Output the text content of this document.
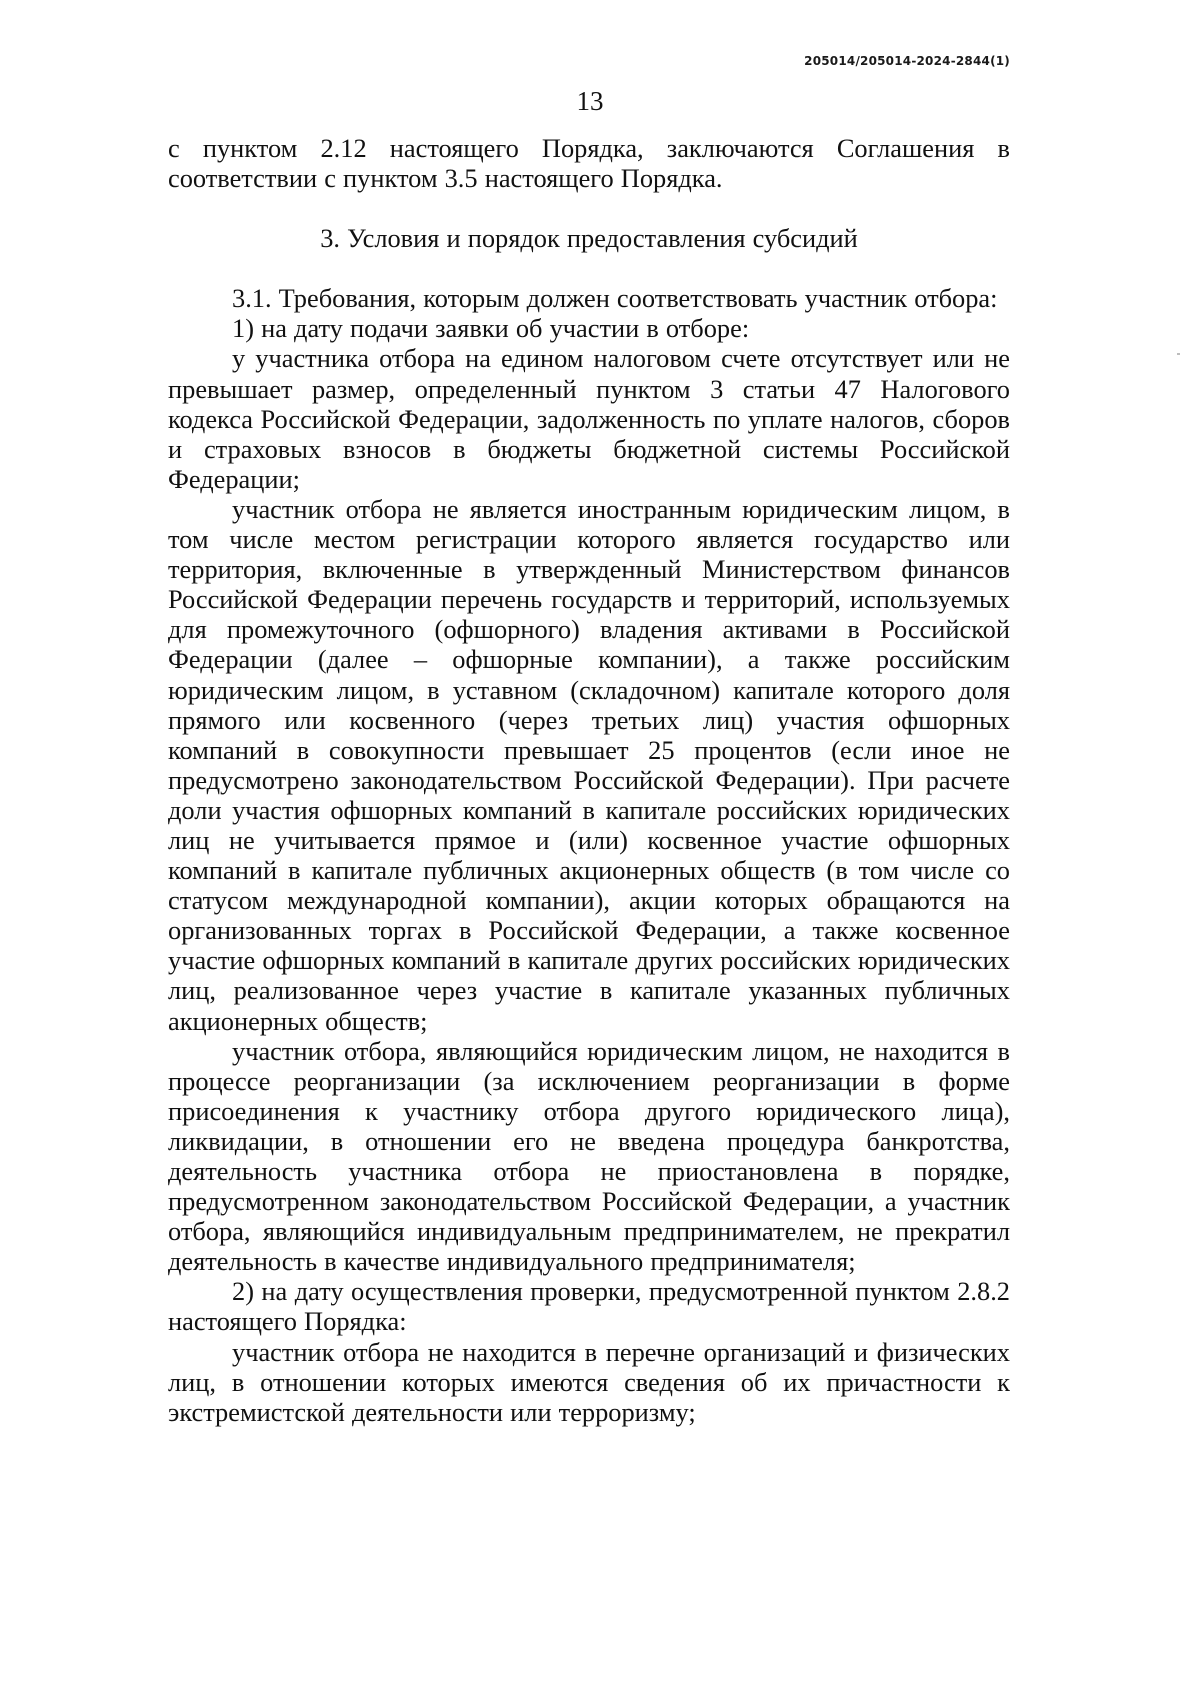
205014/205014-2024-2844(1)
13

с пунктом 2.12 настоящего Порядка, заключаются Соглашения в соответствии с пунктом 3.5 настоящего Порядка.

3. Условия и порядок предоставления субсидий

3.1. Требования, которым должен соответствовать участник отбора:

1) на дату подачи заявки об участии в отборе:

у участника отбора на едином налоговом счете отсутствует или не превышает размер, определенный пунктом 3 статьи 47 Налогового кодекса Российской Федерации, задолженность по уплате налогов, сборов и страховых взносов в бюджеты бюджетной системы Российской Федерации;

участник отбора не является иностранным юридическим лицом, в том числе местом регистрации которого является государство или территория, включенные в утвержденный Министерством финансов Российской Федерации перечень государств и территорий, используемых для промежуточного (офшорного) владения активами в Российской Федерации (далее – офшорные компании), а также российским юридическим лицом, в уставном (складочном) капитале которого доля прямого или косвенного (через третьих лиц) участия офшорных компаний в совокупности превышает 25 процентов (если иное не предусмотрено законодательством Российской Федерации). При расчете доли участия офшорных компаний в капитале российских юридических лиц не учитывается прямое и (или) косвенное участие офшорных компаний в капитале публичных акционерных обществ (в том числе со статусом международной компании), акции которых обращаются на организованных торгах в Российской Федерации, а также косвенное участие офшорных компаний в капитале других российских юридических лиц, реализованное через участие в капитале указанных публичных акционерных обществ;

участник отбора, являющийся юридическим лицом, не находится в процессе реорганизации (за исключением реорганизации в форме присоединения к участнику отбора другого юридического лица), ликвидации, в отношении его не введена процедура банкротства, деятельность участника отбора не приостановлена в порядке, предусмотренном законодательством Российской Федерации, а участник отбора, являющийся индивидуальным предпринимателем, не прекратил деятельность в качестве индивидуального предпринимателя;

2) на дату осуществления проверки, предусмотренной пунктом 2.8.2 настоящего Порядка:

участник отбора не находится в перечне организаций и физических лиц, в отношении которых имеются сведения об их причастности к экстремистской деятельности или терроризму;
